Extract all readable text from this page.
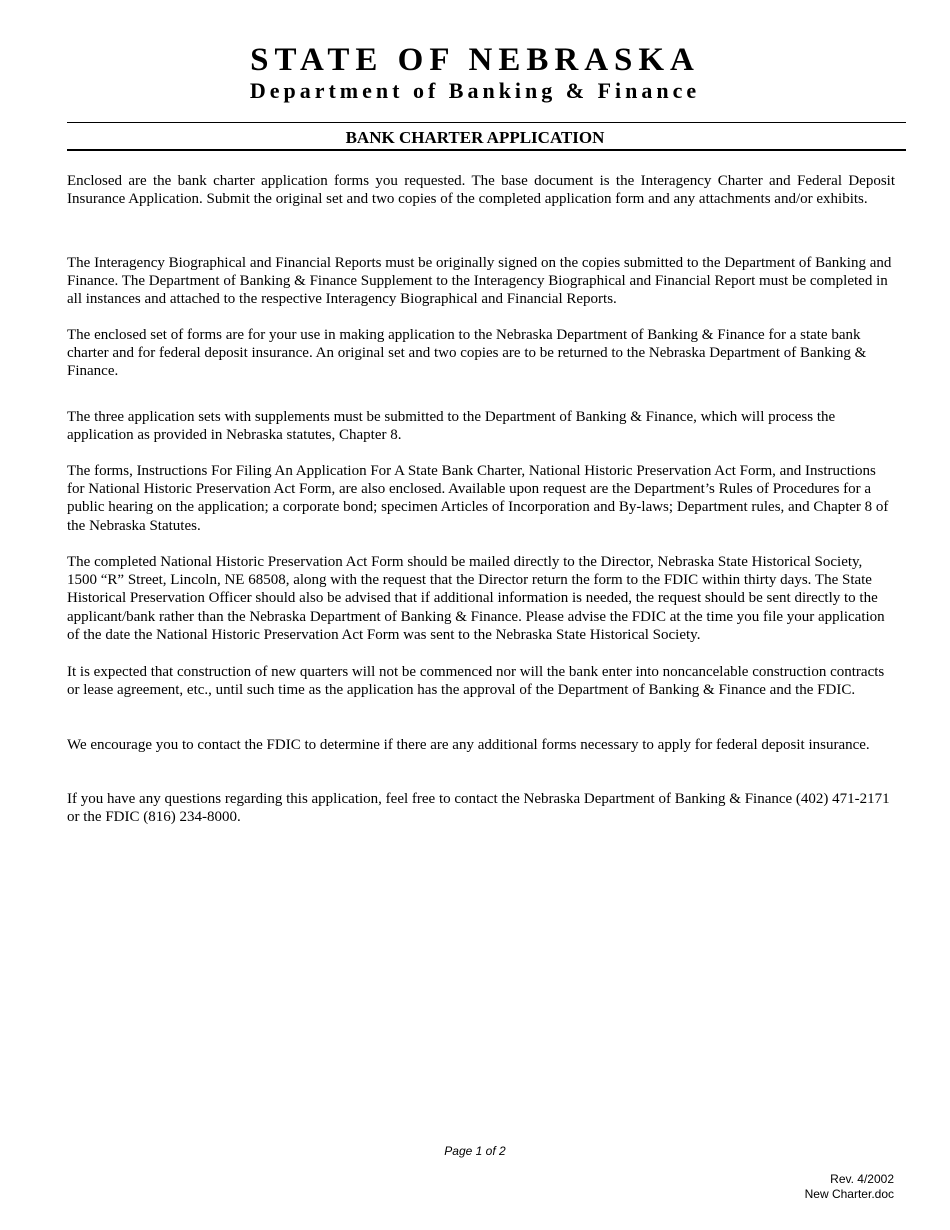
STATE OF NEBRASKA
Department of Banking & Finance
BANK CHARTER APPLICATION

Enclosed are the bank charter application forms you requested. The base document is the Interagency Charter and Federal Deposit Insurance Application. Submit the original set and two copies of the completed application form and any attachments and/or exhibits.

The Interagency Biographical and Financial Reports must be originally signed on the copies submitted to the Department of Banking and Finance. The Department of Banking & Finance Supplement to the Interagency Biographical and Financial Report must be completed in all instances and attached to the respective Interagency Biographical and Financial Reports.

The enclosed set of forms are for your use in making application to the Nebraska Department of Banking & Finance for a state bank charter and for federal deposit insurance. An original set and two copies are to be returned to the Nebraska Department of Banking & Finance.

The three application sets with supplements must be submitted to the Department of Banking & Finance, which will process the application as provided in Nebraska statutes, Chapter 8.

The forms, Instructions For Filing An Application For A State Bank Charter, National Historic Preservation Act Form, and Instructions for National Historic Preservation Act Form, are also enclosed. Available upon request are the Department’s Rules of Procedures for a public hearing on the application; a corporate bond; specimen Articles of Incorporation and By-laws; Department rules, and Chapter 8 of the Nebraska Statutes.

The completed National Historic Preservation Act Form should be mailed directly to the Director, Nebraska State Historical Society, 1500 “R” Street, Lincoln, NE 68508, along with the request that the Director return the form to the FDIC within thirty days. The State Historical Preservation Officer should also be advised that if additional information is needed, the request should be sent directly to the applicant/bank rather than the Nebraska Department of Banking & Finance. Please advise the FDIC at the time you file your application of the date the National Historic Preservation Act Form was sent to the Nebraska State Historical Society.

It is expected that construction of new quarters will not be commenced nor will the bank enter into noncancelable construction contracts or lease agreement, etc., until such time as the application has the approval of the Department of Banking & Finance and the FDIC.

We encourage you to contact the FDIC to determine if there are any additional forms necessary to apply for federal deposit insurance.

If you have any questions regarding this application, feel free to contact the Nebraska Department of Banking & Finance (402) 471-2171 or the FDIC (816) 234-8000.

Page 1 of 2

Rev. 4/2002
New Charter.doc
